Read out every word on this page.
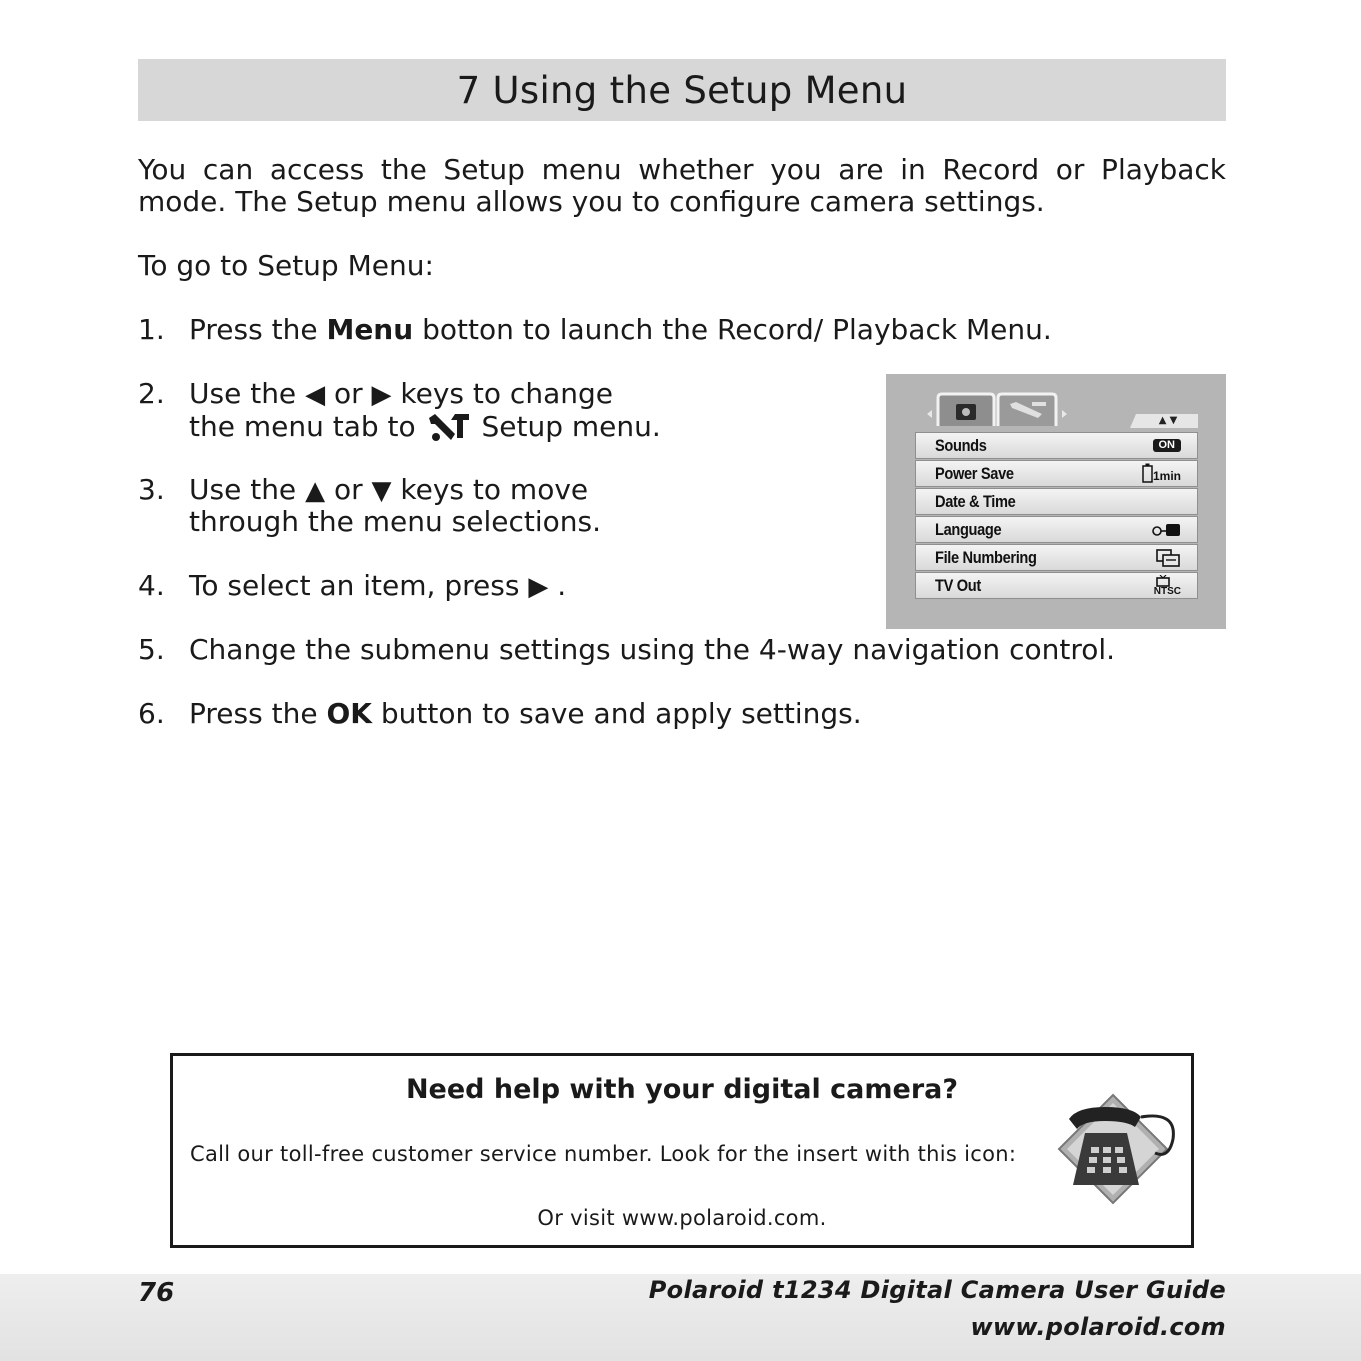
7 Using the Setup Menu
You can access the Setup menu whether you are in Record or Playback mode. The Setup menu allows you to configure camera settings.
To go to Setup Menu:
1. Press the Menu botton to launch the Record/ Playback Menu.
2. Use the ◀ or ▶ keys to change
the menu tab to  Setup menu.
3. Use the ▲ or ▼ keys to move
through the menu selections.
4. To select an item, press ▶ .
5. Change the submenu settings using the 4-way navigation control.
6. Press the OK button to save and apply settings.
▲ ▼
Sounds	ON
Power Save	1min
Date & Time
Language
File Numbering
TV Out	NTSC
Need help with your digital camera?
Call our toll-free customer service number. Look for the insert with this icon:
Or visit www.polaroid.com.
76	Polaroid t1234 Digital Camera User Guide
www.polaroid.com
